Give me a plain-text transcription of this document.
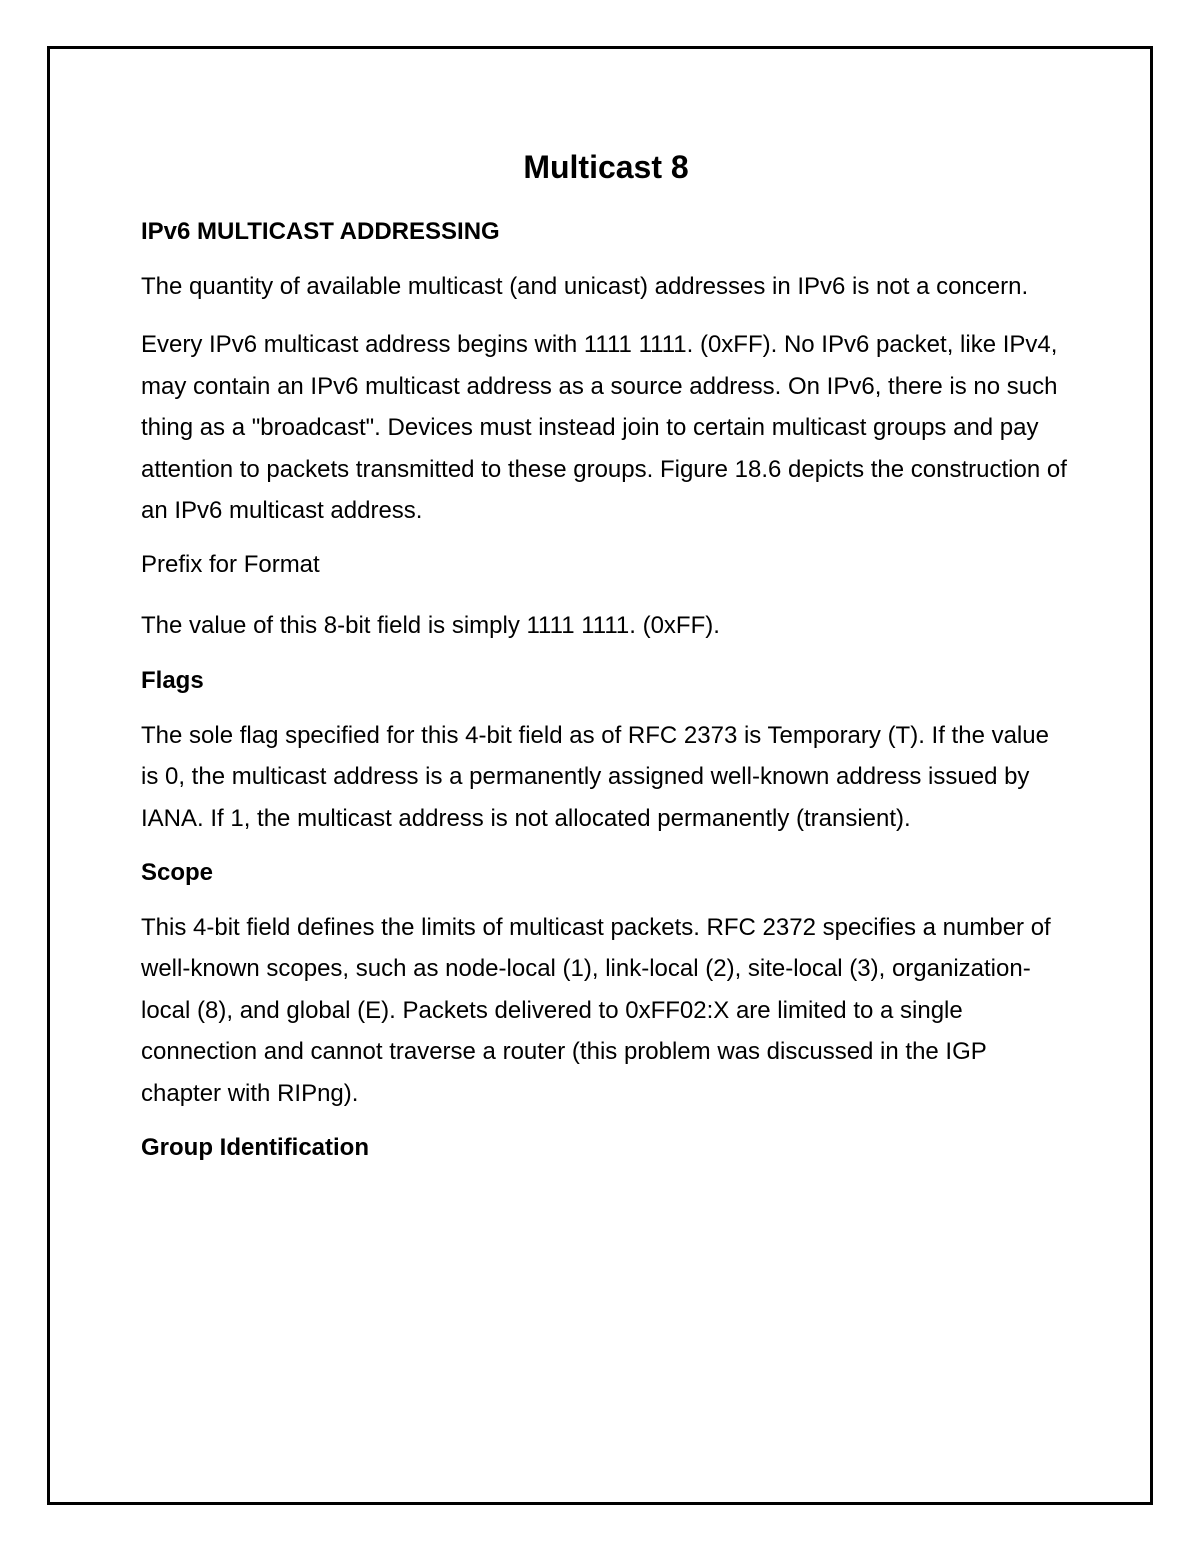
Multicast 8
IPv6 MULTICAST ADDRESSING
The quantity of available multicast (and unicast) addresses in IPv6 is not a concern.
Every IPv6 multicast address begins with 1111 1111. (0xFF). No IPv6 packet, like IPv4, may contain an IPv6 multicast address as a source address. On IPv6, there is no such thing as a "broadcast". Devices must instead join to certain multicast groups and pay attention to packets transmitted to these groups. Figure 18.6 depicts the construction of an IPv6 multicast address.
Prefix for Format
The value of this 8-bit field is simply 1111 1111. (0xFF).
Flags
The sole flag specified for this 4-bit field as of RFC 2373 is Temporary (T). If the value is 0, the multicast address is a permanently assigned well-known address issued by IANA. If 1, the multicast address is not allocated permanently (transient).
Scope
This 4-bit field defines the limits of multicast packets. RFC 2372 specifies a number of well-known scopes, such as node-local (1), link-local (2), site-local (3), organization-local (8), and global (E). Packets delivered to 0xFF02:X are limited to a single connection and cannot traverse a router (this problem was discussed in the IGP chapter with RIPng).
Group Identification
